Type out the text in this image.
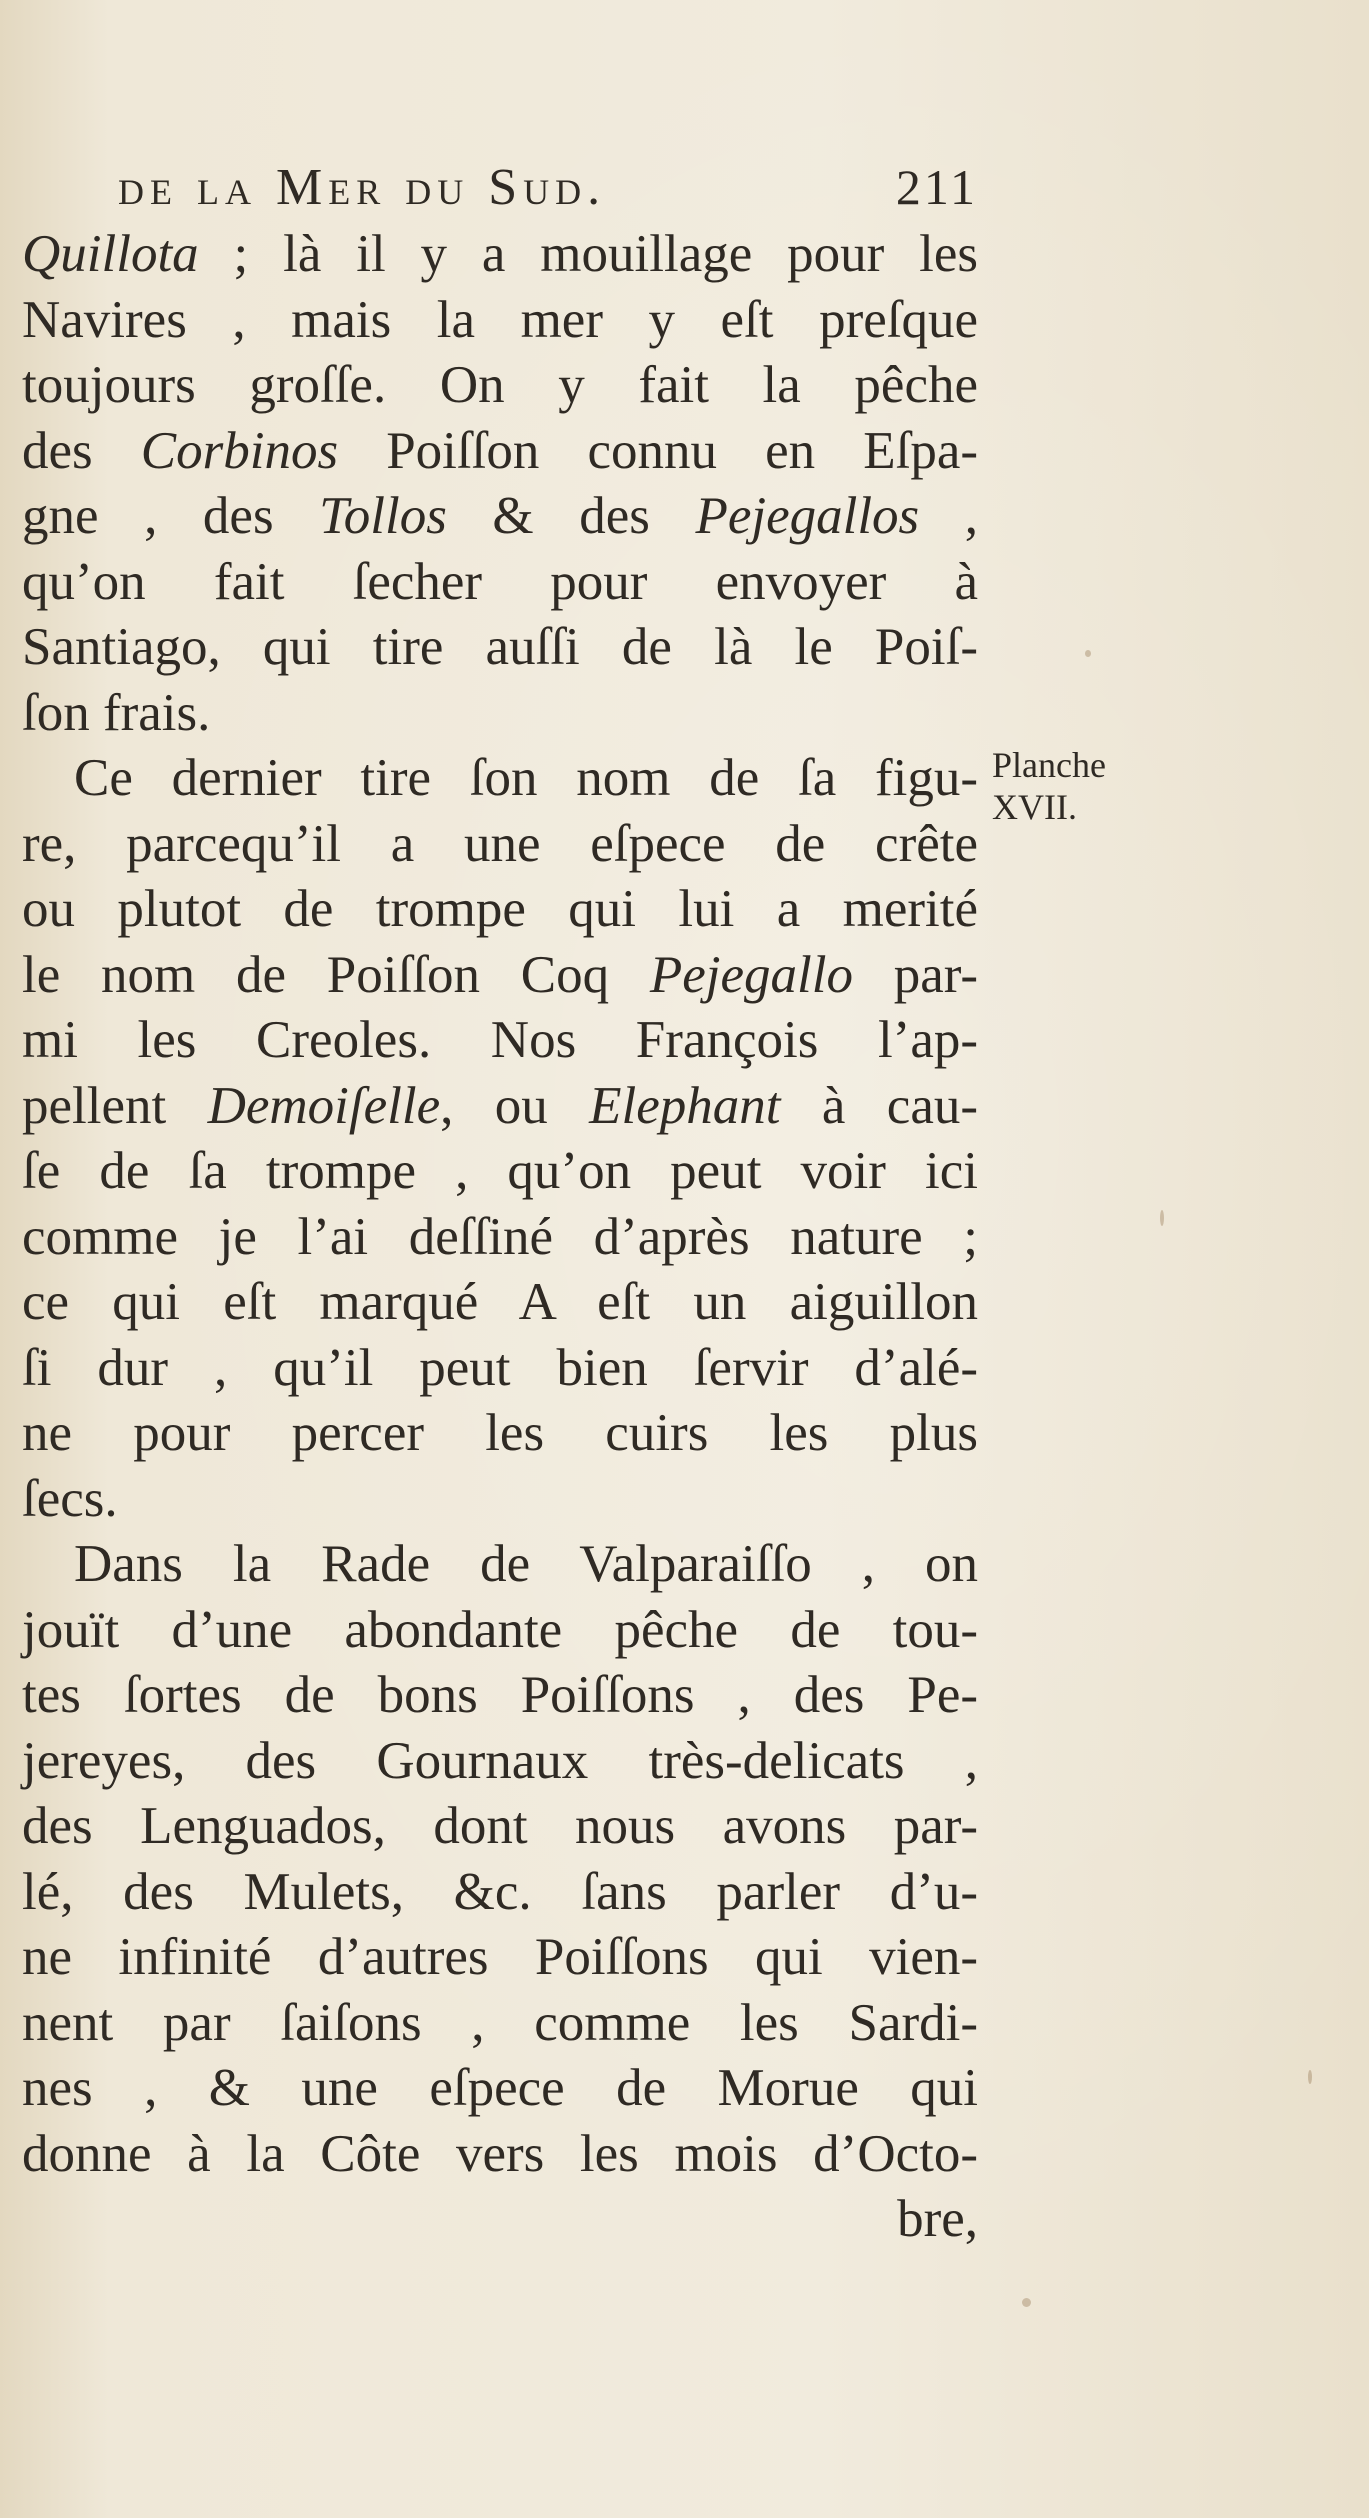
de la Mer du Sud.	211
Quillota ; là il y a mouillage pour les
Navires , mais la mer y eſt preſque
toujours groſſe. On y fait la pêche
des Corbinos Poiſſon connu en Eſpa-
gne , des Tollos & des Pejegallos ,
qu’on fait ſecher pour envoyer à
Santiago, qui tire auſſi de là le Poiſ-
ſon frais.
Ce dernier tire ſon nom de ſa figu-
re, parcequ’il a une eſpece de crête
ou plutot de trompe qui lui a merité
le nom de Poiſſon Coq Pejegallo par-
mi les Creoles. Nos François l’ap-
pellent Demoiſelle, ou Elephant à cau-
ſe de ſa trompe , qu’on peut voir ici
comme je l’ai deſſiné d’après nature ;
ce qui eſt marqué A eſt un aiguillon
ſi dur , qu’il peut bien ſervir d’alé-
ne pour percer les cuirs les plus
ſecs.
Dans la Rade de Valparaiſſo , on
jouït d’une abondante pêche de tou-
tes ſortes de bons Poiſſons , des Pe-
jereyes, des Gournaux très-delicats ,
des Lenguados, dont nous avons par-
lé, des Mulets, &c. ſans parler d’u-
ne infinité d’autres Poiſſons qui vien-
nent par ſaiſons , comme les Sardi-
nes , & une eſpece de Morue qui
donne à la Côte vers les mois d’Octo-
bre,
Planche
XVII.
